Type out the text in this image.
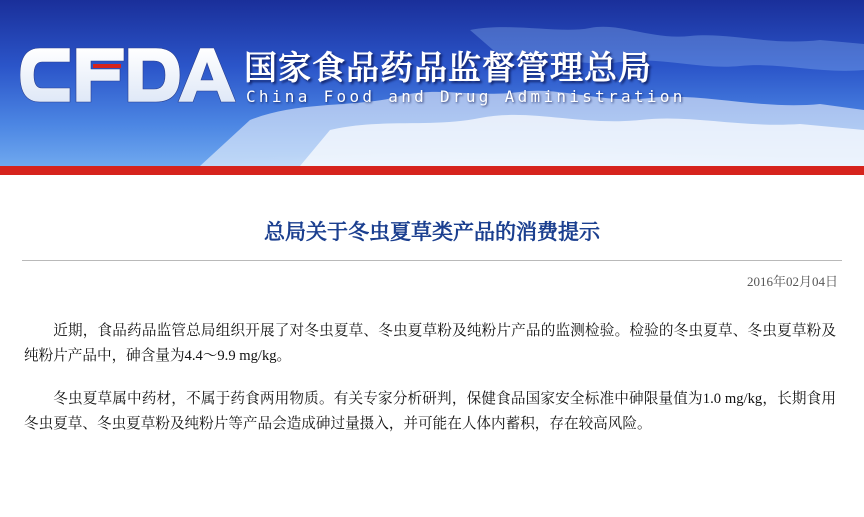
国家食品药品监督管理总局
China Food and Drug Administration
总局关于冬虫夏草类产品的消费提示
2016年02月04日

近期，食品药品监管总局组织开展了对冬虫夏草、冬虫夏草粉及纯粉片产品的监测检验。检验的冬虫夏草、冬虫夏草粉及纯粉片产品中，砷含量为4.4～9.9 mg/kg。

冬虫夏草属中药材，不属于药食两用物质。有关专家分析研判，保健食品国家安全标准中砷限量值为1.0 mg/kg，长期食用冬虫夏草、冬虫夏草粉及纯粉片等产品会造成砷过量摄入，并可能在人体内蓄积，存在较高风险。
